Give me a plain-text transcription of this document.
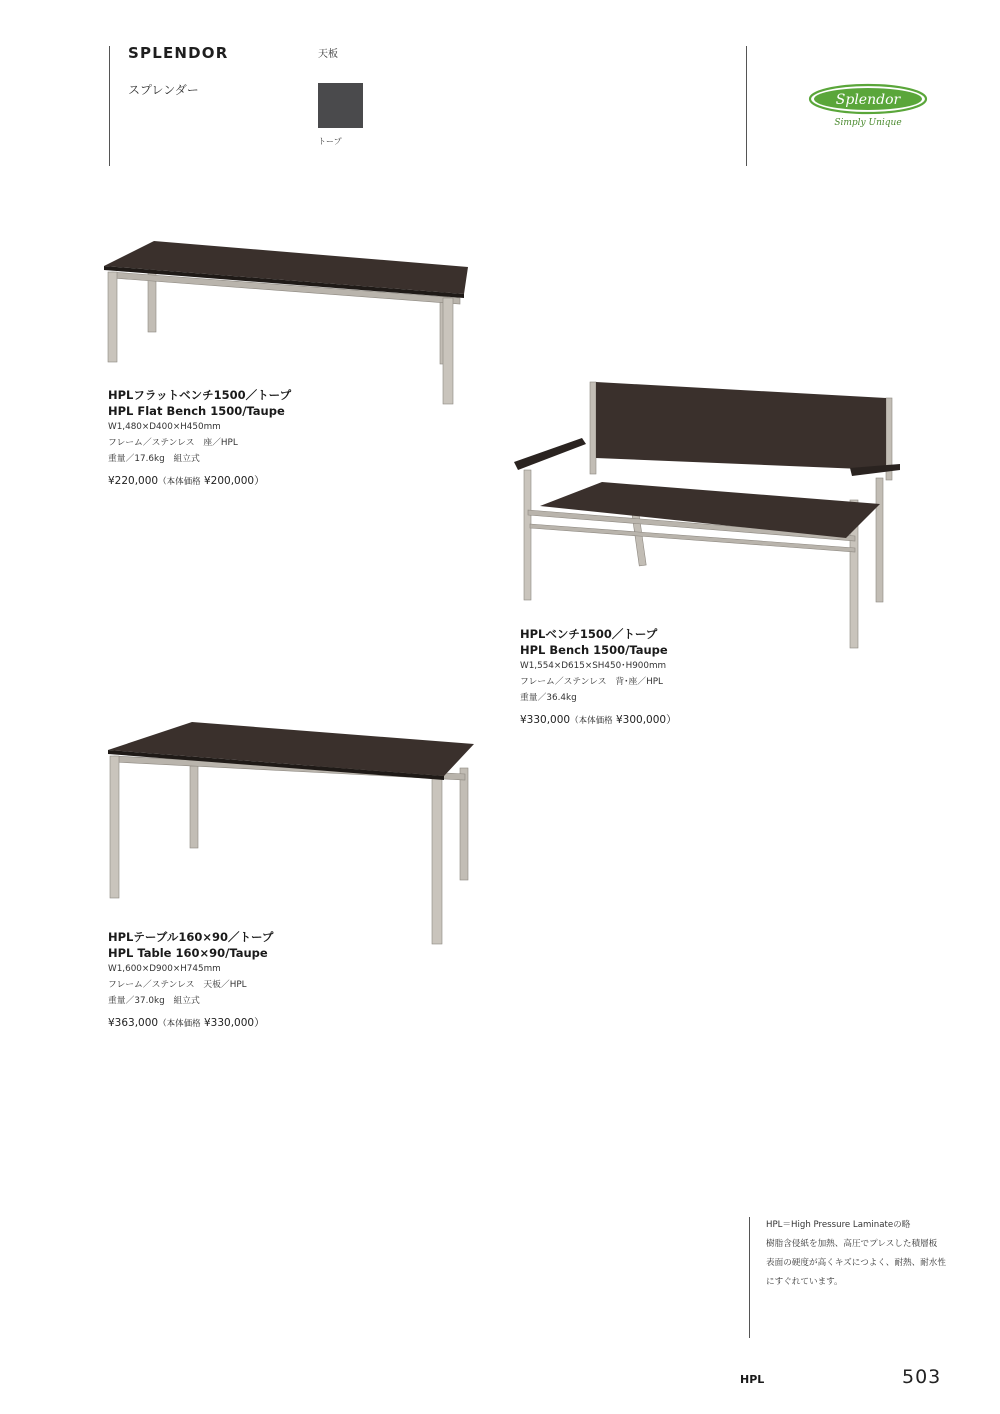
SPLENDOR
スプレンダー
天板
トープ
Splendor
Simply Unique
HPLフラットベンチ1500／トープ
HPL Flat Bench 1500/Taupe
W1,480×D400×H450mm
フレーム／ステンレス　座／HPL
重量／17.6kg　組立式
¥220,000（本体価格 ¥200,000）
HPLベンチ1500／トープ
HPL Bench 1500/Taupe
W1,554×D615×SH450･H900mm
フレーム／ステンレス　背･座／HPL
重量／36.4kg
¥330,000（本体価格 ¥300,000）
HPLテーブル160×90／トープ
HPL Table 160×90/Taupe
W1,600×D900×H745mm
フレーム／ステンレス　天板／HPL
重量／37.0kg　組立式
¥363,000（本体価格 ¥330,000）
HPL＝High Pressure Laminateの略
樹脂含侵紙を加熱、高圧でプレスした積層板
表面の硬度が高くキズにつよく、耐熱、耐水性
にすぐれています。
HPL	503
